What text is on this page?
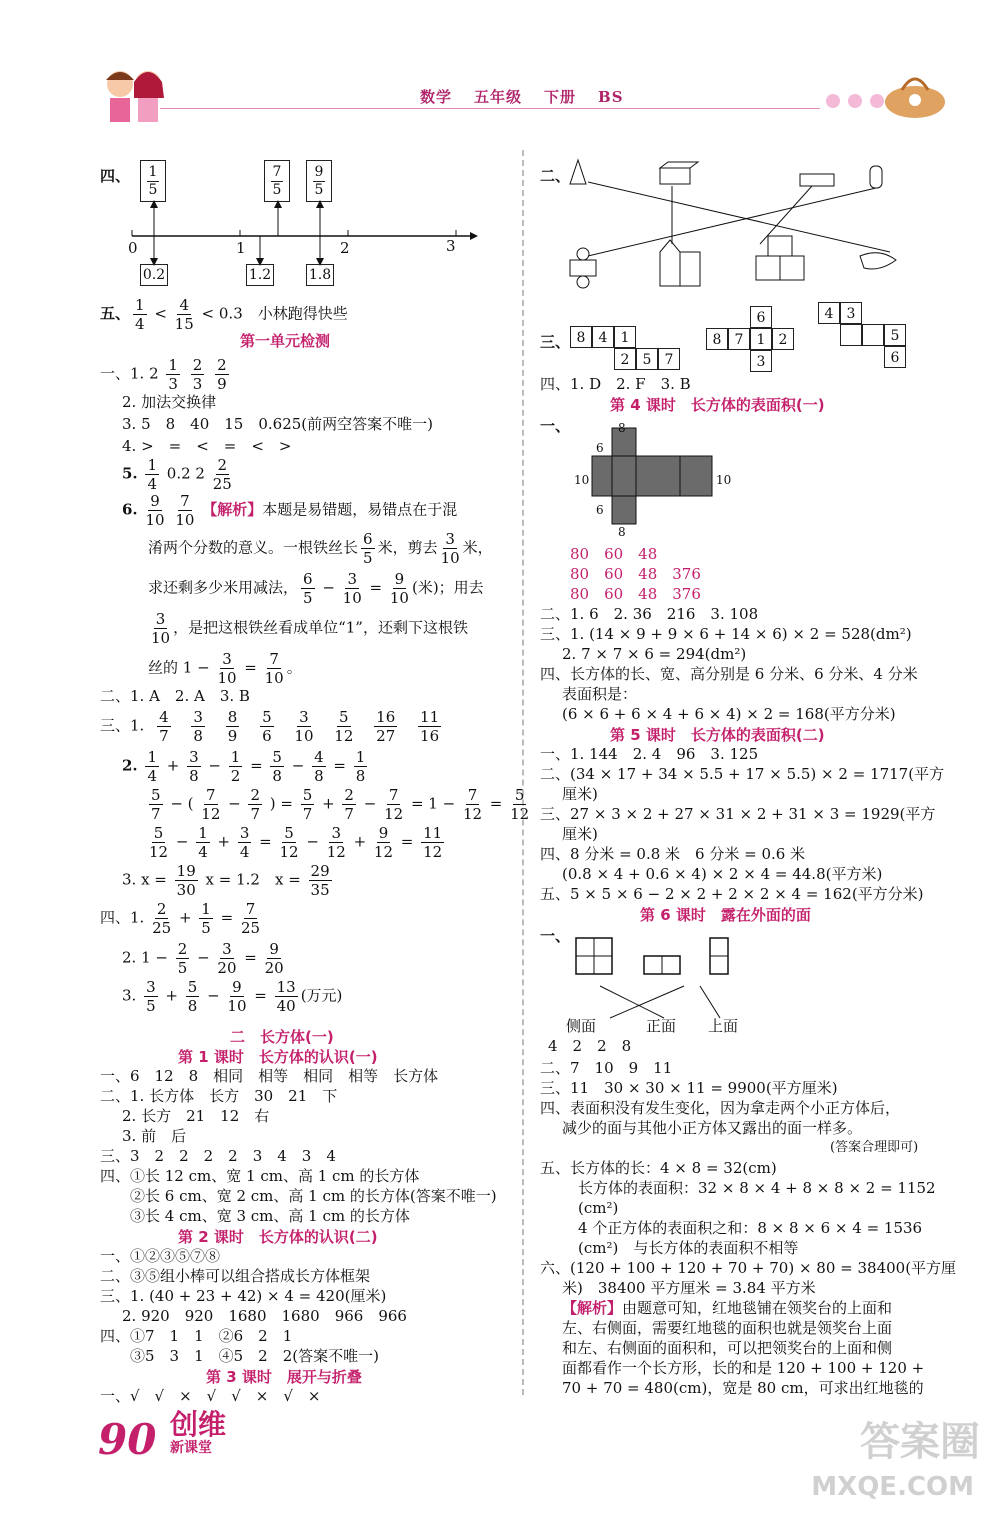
数学 五年级 下册 BS
四、 $\frac{1}{5}$	$\frac{7}{5} \frac{9}{5}$
0	1	2	3
0.2	1.2	1.8
五、 $\frac{1}{4} < \frac{4}{15} < 0.3$　小林跑得快些
第一单元检测
一、1. $2 \frac{1}{3}$
$\frac{2}{3}$
$\frac{2}{9}$
2. 加法交换律
3. 5　8　40　15　0.625(前两空答案不唯一)
4. >　=　<　=　<　>
5. $\frac{1}{4} 0.2$ $2 \frac{2}{25}$
6. $\frac{9}{10}$
$\frac{7}{10}$ 【解析】本题是易错题，易错点在于混
淆两个分数的意义。一根铁丝长 $\frac{6}{5}$ 米，剪去 $\frac{3}{10}$ 米，
求还剩多少米用减法， $\frac{6}{5} - \frac{3}{10} = \frac{9}{10}$ (米)；用去
$\frac{3}{10}$ ，是把这根铁丝看成单位“1”，还剩下这根铁
丝的 $1 - \frac{3}{10} = \frac{7}{10}$ 。
二、1. A　2. A　3. B
三、1. $\frac{4}{7}$
$\frac{3}{8}$
$\frac{8}{9}$
$\frac{5}{6}$
$\frac{3}{10}$
$\frac{5}{12}$
$\frac{16}{27}$
$\frac{11}{16}$
2. $\frac{1}{4} + \frac{3}{8} - \frac{1}{2} = \frac{5}{8} - \frac{4}{8} = \frac{1}{8}$
$\frac{5}{7}$ − ( $\frac{7}{12} - \frac{2}{7}$ ) = $\frac{5}{7} + \frac{2}{7} - \frac{7}{12} = 1 - \frac{7}{12} = \frac{5}{12}$
$\frac{5}{12} - \frac{1}{4} + \frac{3}{4} = \frac{5}{12} - \frac{3}{12} + \frac{9}{12} = \frac{11}{12}$
3. $x = \frac{19}{30}$ x = 1.2　$x = \frac{29}{35}$
四、1. $\frac{2}{25} + \frac{1}{5} = \frac{7}{25}$
2. $1 - \frac{2}{5} - \frac{3}{20} = \frac{9}{20}$
3. $\frac{3}{5} + \frac{5}{8} - \frac{9}{10} = \frac{13}{40}$ (万元)
二　长方体(一)
第 1 课时　长方体的认识(一)
一、6　12　8　相同　相等　相同　相等　长方体
二、1. 长方体　长方　30　21　下
2. 长方　21　12　右
3. 前　后
三、3　2　2　2　2　3　4　3　4
四、①长 12 cm、宽 1 cm、高 1 cm 的长方体
②长 6 cm、宽 2 cm、高 1 cm 的长方体(答案不唯一)
③长 4 cm、宽 3 cm、高 1 cm 的长方体
第 2 课时　长方体的认识(二)
一、①②③⑤⑦⑧
二、③⑤组小棒可以组合搭成长方体框架
三、1. (40 + 23 + 42) × 4 = 420(厘米)
2. 920　920　1680　1680　966　966
四、①7　1　1　②6　2　1
③5　3　1　④5　2　2(答案不唯一)
第 3 课时　展开与折叠
一、√　√　×　√　√　×　√　×
二、
三、 8 4 1
2 5 7
6
8 7 1 2
3
4 3
5
6
四、1. D　2. F　3. B
第 4 课时　长方体的表面积(一)
一、	8
6
10
6
10
8
80　60　48
80　60　48　376
80　60　48　376
二、1. 6　2. 36　216　3. 108
三、1. (14 × 9 + 9 × 6 + 14 × 6) × 2 = 528(dm²)
2. 7 × 7 × 6 = 294(dm²)
四、长方体的长、宽、高分别是 6 分米、6 分米、4 分米
表面积是：
(6 × 6 + 6 × 4 + 6 × 4) × 2 = 168(平方分米)
第 5 课时　长方体的表面积(二)
一、1. 144　2. 4　96　3. 125
二、(34 × 17 + 34 × 5.5 + 17 × 5.5) × 2 = 1717(平方
厘米)
三、27 × 3 × 2 + 27 × 31 × 2 + 31 × 3 = 1929(平方
厘米)
四、8 分米 = 0.8 米　6 分米 = 0.6 米
(0.8 × 4 + 0.6 × 4) × 2 × 4 = 44.8(平方米)
五、5 × 5 × 6 − 2 × 2 + 2 × 2 × 4 = 162(平方分米)
第 6 课时　露在外面的面
一、
侧面	正面 上面
4　2　2　8
二、7　10　9　11
三、11　30 × 30 × 11 = 9900(平方厘米)
四、表面积没有发生变化，因为拿走两个小正方体后，
减少的面与其他小正方体又露出的面一样多。
(答案合理即可)
五、长方体的长：4 × 8 = 32(cm)
长方体的表面积：32 × 8 × 4 + 8 × 8 × 2 = 1152
(cm²)
4 个正方体的表面积之和：8 × 8 × 6 × 4 = 1536
(cm²)　与长方体的表面积不相等
六、(120 + 100 + 120 + 70 + 70) × 80 = 38400(平方厘
米)　38400 平方厘米 = 3.84 平方米
【解析】由题意可知，红地毯铺在领奖台的上面和
左、右侧面，需要红地毯的面积也就是领奖台上面
和左、右侧面的面积和，可以把领奖台的上面和侧
面都看作一个长方形，长的和是 120 + 100 + 120 +
70 + 70 = 480(cm)，宽是 80 cm，可求出红地毯的
90 创维
新课堂	答案圈
MXQE.COM
